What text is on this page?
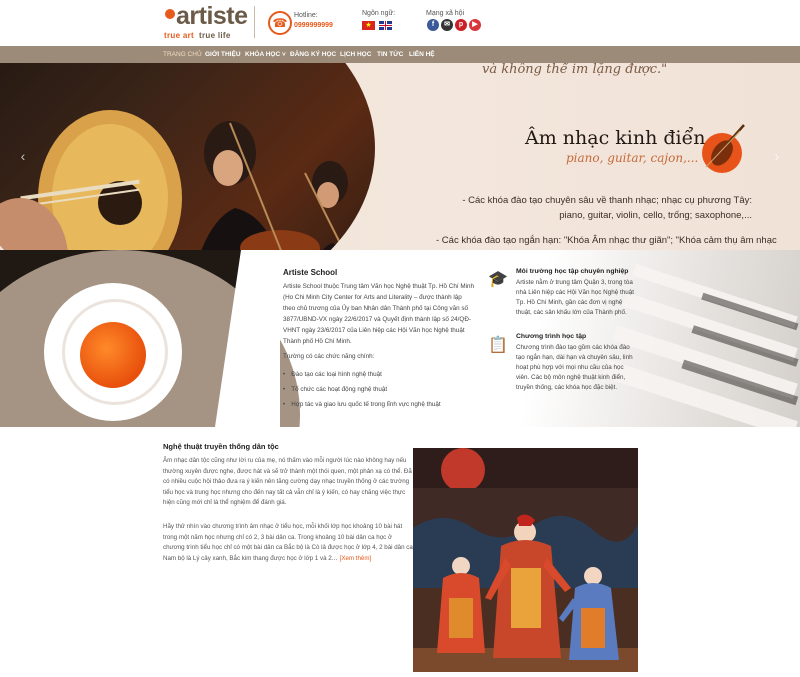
artiste
true art true life
☎
Hotline:
0999999999
Ngôn ngữ:
★
Mạng xã hội
f	✉	p	▶
TRANG CHỦ GIỚI THIỆU KHÓA HỌC ˅ ĐĂNG KÝ HỌC LỊCH HỌC TIN TỨC LIÊN HỆ
‹	›
và không thể im lặng được."
Âm nhạc kinh điển
piano, guitar, cajon,...
- Các khóa đào tạo chuyên sâu về thanh nhạc; nhạc cụ phương Tây: piano, guitar, violin, cello, trống; saxophone,...
- Các khóa đào tạo ngắn hạn: "Khóa Âm nhạc thư giãn"; "Khóa cảm thụ âm nhạc
Artiste School
Artiste School thuộc Trung tâm Văn học Nghệ thuật Tp. Hồ Chí Minh (Ho Chi Minh City Center for Arts and Literality – được thành lập theo chủ trương của Ủy ban Nhân dân Thành phố tại Công văn số 3877/UBND-VX ngày 22/6/2017 và Quyết định thành lập số 24/QĐ-VHNT ngày 23/6/2017 của Liên hiệp các Hội Văn học Nghệ thuật Thành phố Hồ Chí Minh.
Trường có các chức năng chính:
• Đào tạo các loại hình nghệ thuật
• Tổ chức các hoạt động nghệ thuật
• Hợp tác và giao lưu quốc tế trong lĩnh vực nghệ thuật
🎓 Môi trường học tập chuyên nghiệp
Artiste nằm ở trung tâm Quận 3, trong tòa nhà Liên hiệp các Hội Văn học Nghệ thuật Tp. Hồ Chí Minh, gần các đơn vị nghệ thuật, các sân khấu lớn của Thành phố.
📋
Chương trình học tập
Chương trình đào tạo gồm các khóa đào tạo ngắn hạn, dài hạn và chuyên sâu, linh hoạt phù hợp với mọi nhu cầu của học viên. Các bộ môn nghệ thuật kinh điển, truyền thống, các khóa học đặc biệt.
Nghệ thuật truyền thống dân tộc
Âm nhạc dân tộc cũng như lời ru của mẹ, nó thấm vào mỗi người lúc nào không hay nếu thường xuyên được nghe, được hát và sẽ trở thành một thói quen, một phản xạ có thể. Đã có nhiều cuộc hội thảo đưa ra ý kiến nên tăng cường dạy nhạc truyền thống ở các trường tiểu học và trung học nhưng cho đến nay tất cả vẫn chỉ là ý kiến, có hay chăng việc thực hiện cũng mới chỉ là thể nghiệm để đánh giá.
Hãy thử nhìn vào chương trình âm nhạc ở tiểu học, mỗi khối lớp học khoảng 10 bài hát trong một năm học nhưng chỉ có 2, 3 bài dân ca. Trong khoảng 10 bài dân ca học ở chương trình tiểu học chỉ có một bài dân ca Bắc bộ là Cò lả được học ở lớp 4, 2 bài dân ca Nam bộ là Lý cây xanh, Bắc kim thang được học ở lớp 1 và 2… [Xem thêm]
